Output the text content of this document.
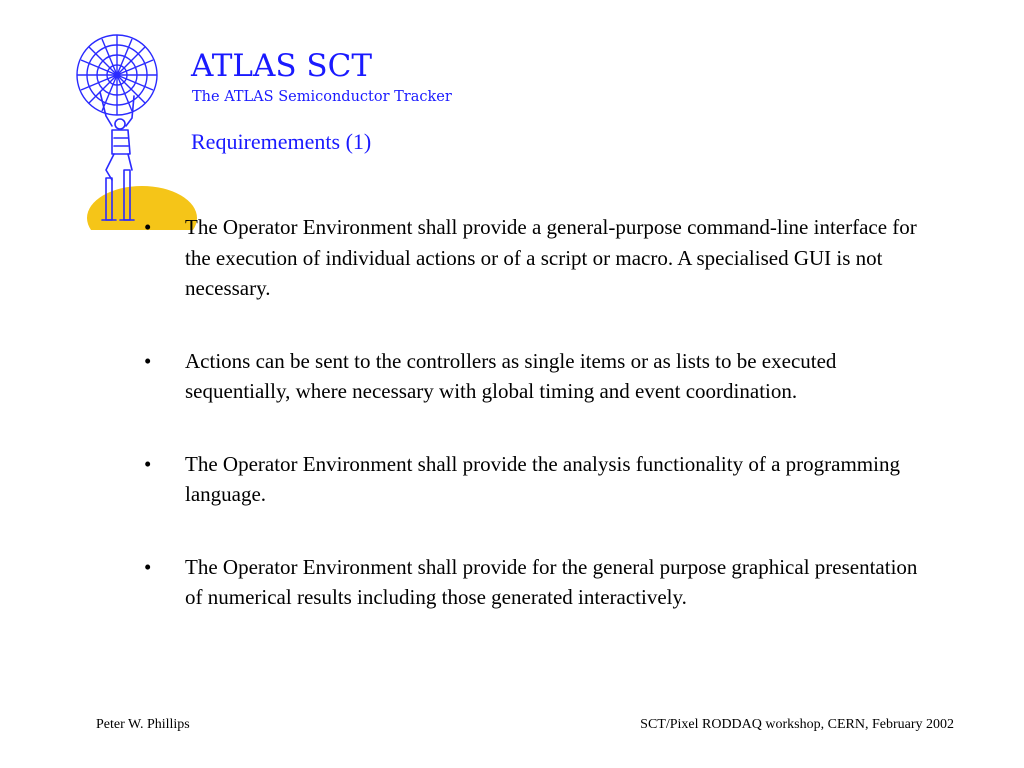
ATLAS SCT
The ATLAS Semiconductor Tracker
Requiremements (1)
• The Operator Environment shall provide a general-purpose command-line interface for the execution of individual actions or of a script or macro. A specialised GUI is not necessary.
• Actions can be sent to the controllers as single items or as lists to be executed sequentially, where necessary with global timing and event coordination.
• The Operator Environment shall provide the analysis functionality of a programming language.
• The Operator Environment shall provide for the general purpose graphical presentation of numerical results including those generated interactively.
Peter W. Phillips	SCT/Pixel RODDAQ workshop, CERN, February 2002
